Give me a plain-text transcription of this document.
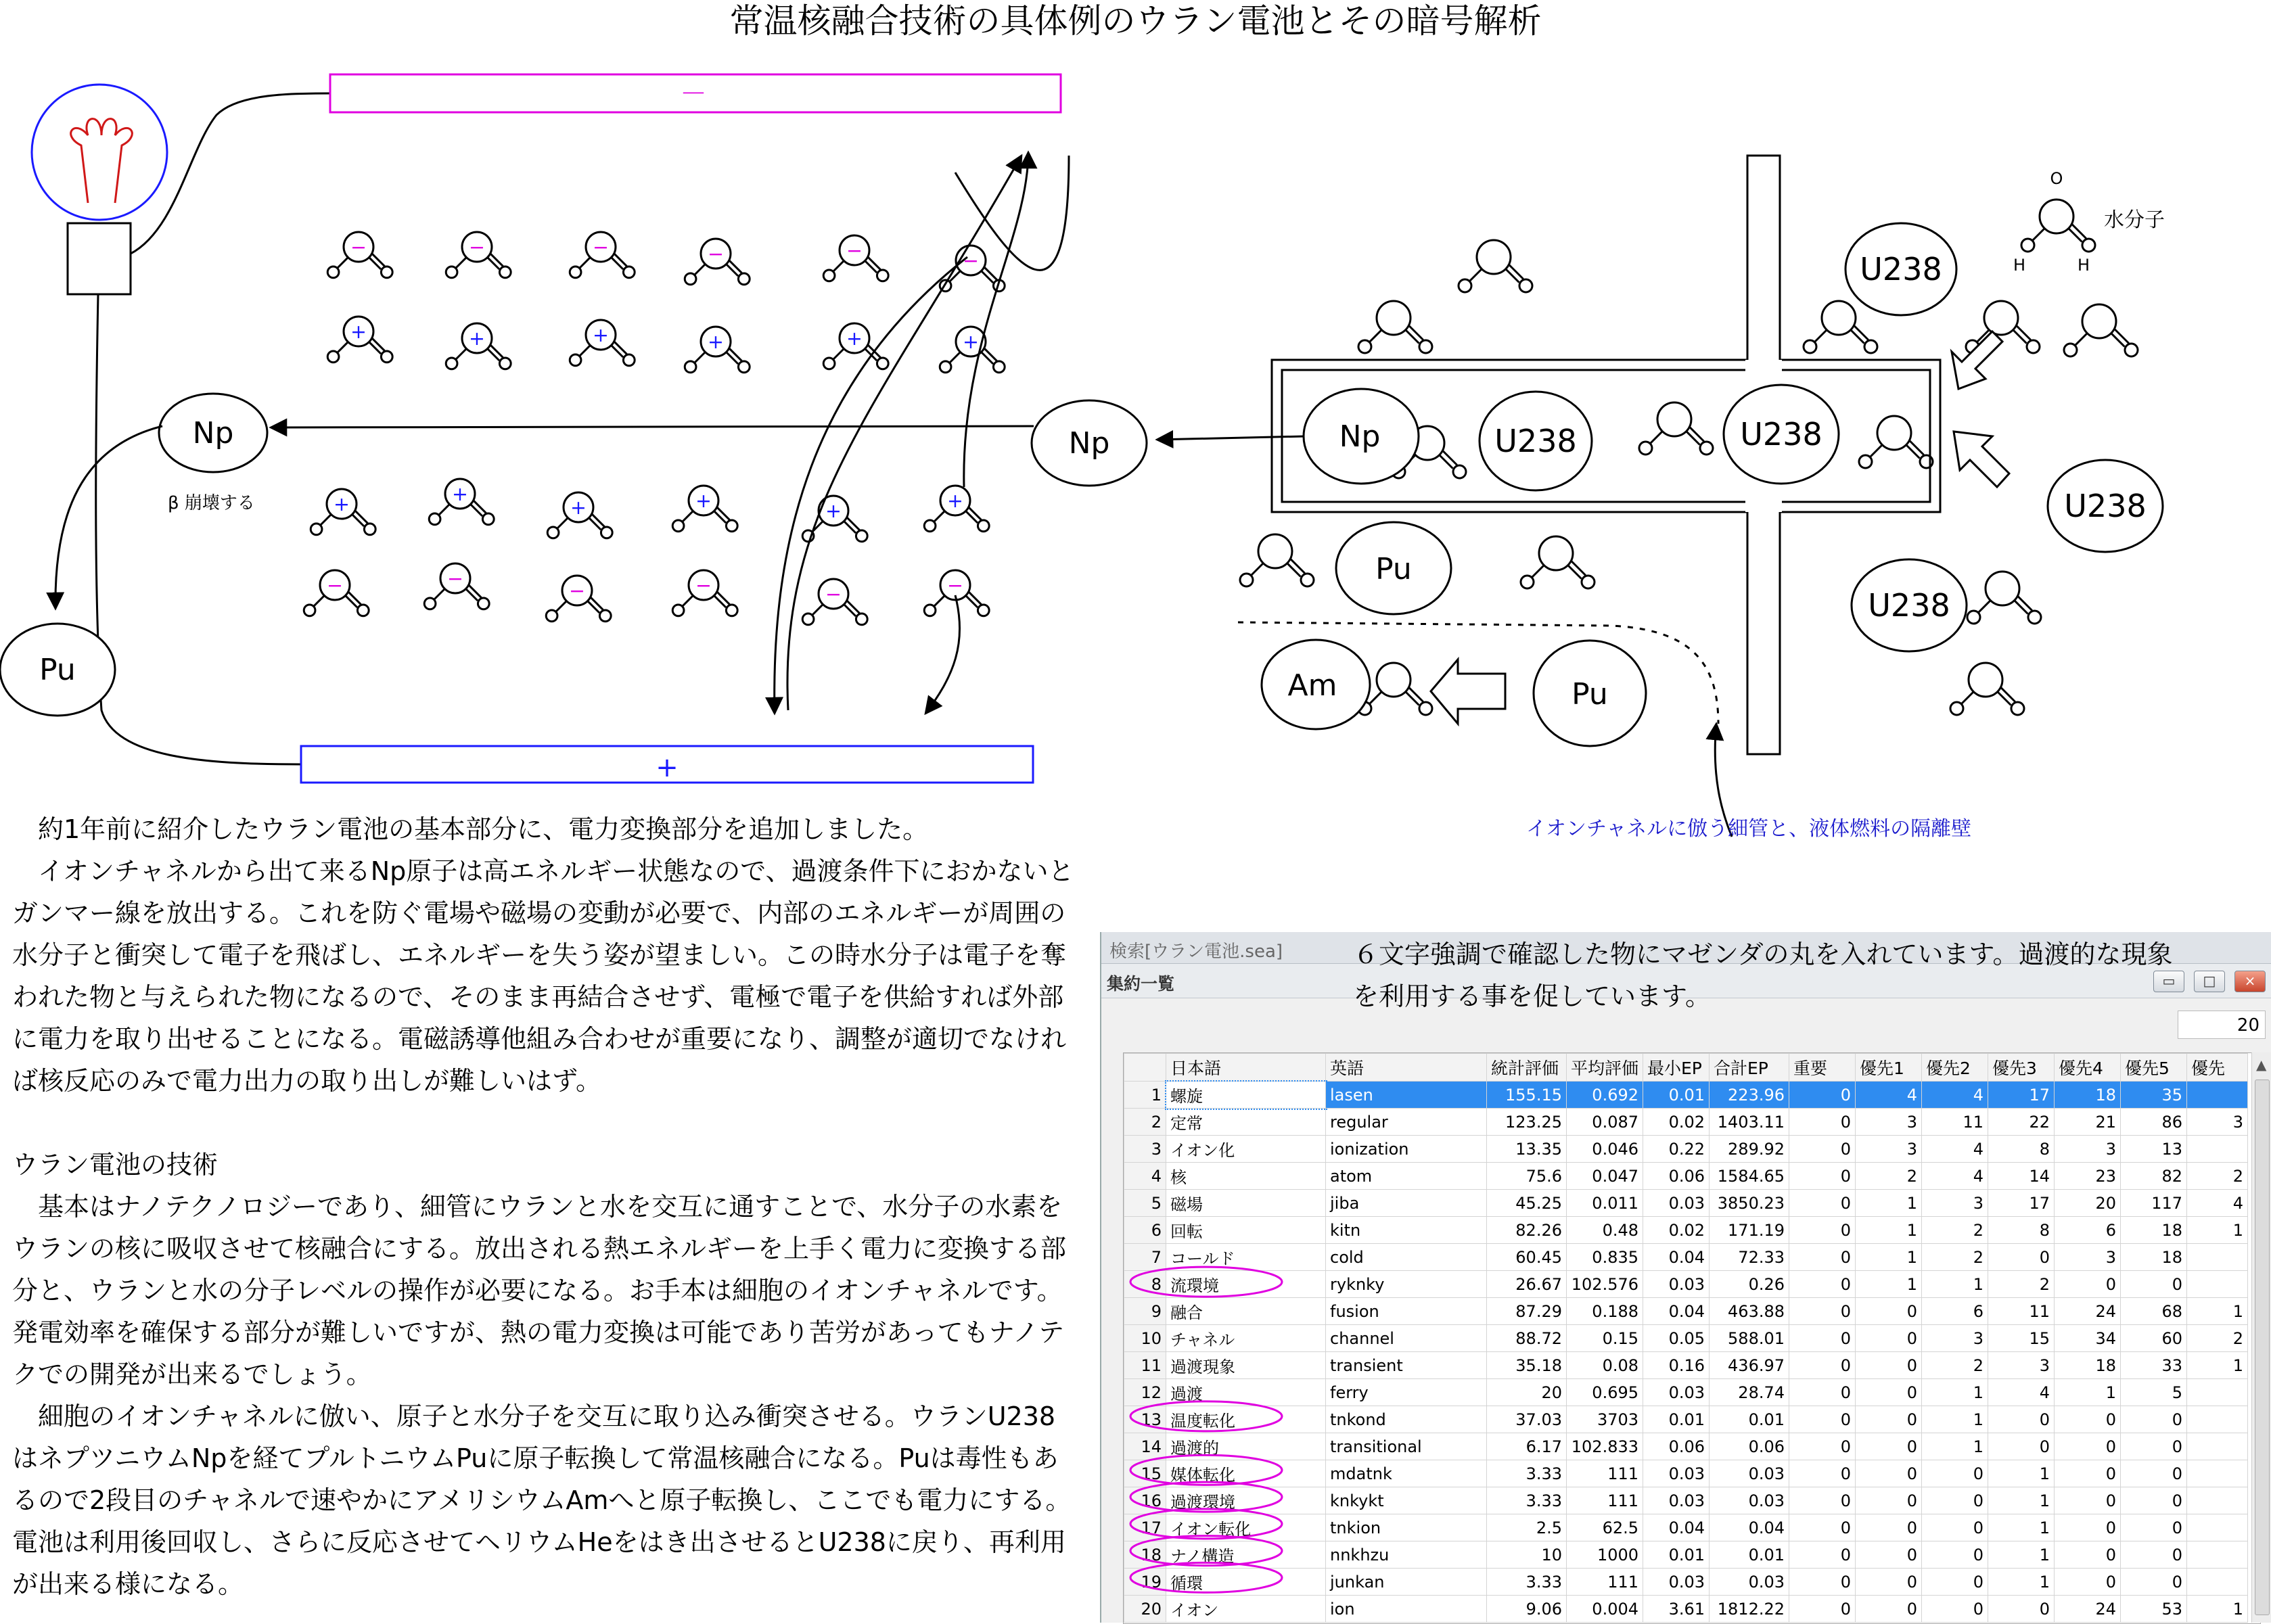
常温核融合技術の具体例のウラン電池とその暗号解析
－
+
−	−	−	−	−	−
+	+	+	+	+	+
+	+
+	+	+	+
−	−
−	−	−	−
Np
β 崩壊する
Pu
Np	Np	U238	U238
U238
U238
U238
Pu
Pu
Am
O
H	H
水分子
イオンチャネルに倣う細管と、液体燃料の隔離壁

　約1年前に紹介したウラン電池の基本部分に、電力変換部分を追加しました。

　イオンチャネルから出て来るNp原子は高エネルギー状態なので、過渡条件下におかないとガンマー線を放出する。これを防ぐ電場や磁場の変動が必要で、内部のエネルギーが周囲の水分子と衝突して電子を飛ばし、エネルギーを失う姿が望ましい。この時水分子は電子を奪われた物と与えられた物になるので、そのまま再結合させず、電極で電子を供給すれば外部に電力を取り出せることになる。電磁誘導他組み合わせが重要になり、調整が適切でなければ核反応のみで電力出力の取り出しが難しいはず。

ウラン電池の技術

　基本はナノテクノロジーであり、細管にウランと水を交互に通すことで、水分子の水素をウランの核に吸収させて核融合にする。放出される熱エネルギーを上手く電力に変換する部分と、ウランと水の分子レベルの操作が必要になる。お手本は細胞のイオンチャネルです。発電効率を確保する部分が難しいですが、熱の電力変換は可能であり苦労があってもナノテクでの開発が出来るでしょう。

　細胞のイオンチャネルに倣い、原子と水分子を交互に取り込み衝突させる。ウランU238はネプツニウムNpを経てプルトニウムPuに原子転換して常温核融合になる。Puは毒性もあるので2段目のチャネルで速やかにアメリシウムAmへと原子転換し、ここでも電力にする。電池は利用後回収し、さらに反応させてヘリウムHeをはき出させるとU238に戻り、再利用が出来る様になる。

検索[ウラン電池.sea]
集約一覧	▭	□	×
20
	日本語	英語	統計評価	平均評価	最小EP	合計EP	重要	優先1	優先2	優先3	優先4	優先5	優先
1	螺旋	lasen	155.15	0.692	0.01	223.96	0	4	4	17	18	35	
2	定常	regular	123.25	0.087	0.02	1403.11	0	3	11	22	21	86	3
3	イオン化	ionization	13.35	0.046	0.22	289.92	0	3	4	8	3	13	
4	核	atom	75.6	0.047	0.06	1584.65	0	2	4	14	23	82	2
5	磁場	jiba	45.25	0.011	0.03	3850.23	0	1	3	17	20	117	4
6	回転	kitn	82.26	0.48	0.02	171.19	0	1	2	8	6	18	1
7	コールド	cold	60.45	0.835	0.04	72.33	0	1	2	0	3	18	
8	流環境	ryknky	26.67	102.576	0.03	0.26	0	1	1	2	0	0	
9	融合	fusion	87.29	0.188	0.04	463.88	0	0	6	11	24	68	1
10	チャネル	channel	88.72	0.15	0.05	588.01	0	0	3	15	34	60	2
11	過渡現象	transient	35.18	0.08	0.16	436.97	0	0	2	3	18	33	1
12	過渡	ferry	20	0.695	0.03	28.74	0	0	1	4	1	5	
13	温度転化	tnkond	37.03	3703	0.01	0.01	0	0	1	0	0	0	
14	過渡的	transitional	6.17	102.833	0.06	0.06	0	0	1	0	0	0	
15	媒体転化	mdatnk	3.33	111	0.03	0.03	0	0	0	1	0	0	
16	過渡環境	knkykt	3.33	111	0.03	0.03	0	0	0	1	0	0	
17	イオン転化	tnkion	2.5	62.5	0.04	0.04	0	0	0	1	0	0	
18	ナノ構造	nnkhzu	10	1000	0.01	0.01	0	0	0	1	0	0	
19	循環	junkan	3.33	111	0.03	0.03	0	0	0	1	0	0	
20	イオン	ion	9.06	0.004	3.61	1812.22	0	0	0	0	24	53	1
▲
６文字強調で確認した物にマゼンダの丸を入れています。過渡的な現象を利用する事を促しています。
